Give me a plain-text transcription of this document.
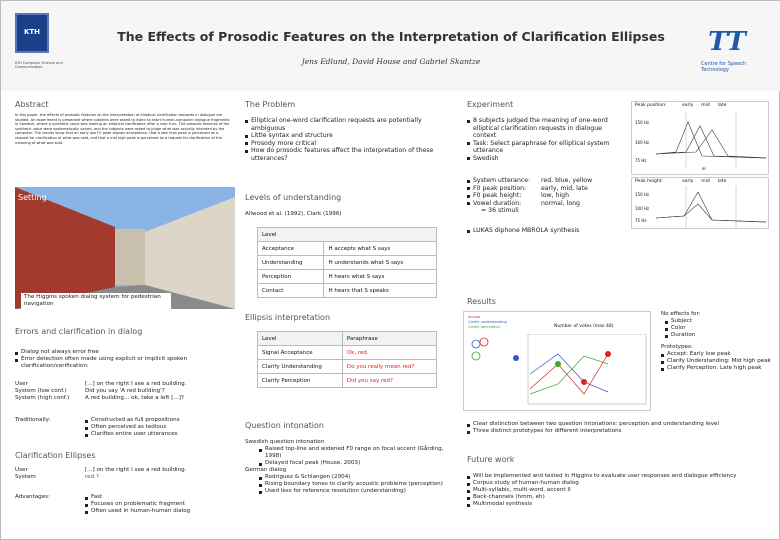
KTH
KTH Computer Science and Communication
The Effects of Prosodic Features on the Interpretation of Clarification Ellipses
Jens Edlund, David House and Gabriel Skantze
TT
Centre for Speech Technology
Abstract
In this paper, the effects of prosodic features on the interpretation of elliptical clarification requests in dialogue are studied. An experiment is presented where subjects were asked to listen to short human-computer dialogue fragments in Swedish, where a synthetic voice was making an elliptical clarification after a user turn. The prosodic features of the synthetic voice were systematically varied, and the subjects were asked to judge what was actually intended by the computer. The results show that an early low F0 peak signals acceptance, that a late high peak is perceived as a request for clarification of what was said, and that a mid high peak is perceived as a request for clarification of the meaning of what was said.
Setting
The Higgins spoken dialog system for pedestrian navigation
Errors and clarification in dialog
Dialog not always error free
Error detection often made using explicit or implicit spoken clarification/verification:
User	[...] on the right I see a red building.
System (low conf.)	Did you say 'A red building'?
System (high conf.)	A red building... ok, take a left [...]?
Traditionally:	Constructed as full propositions
Often perceived as tedious
Clarifies entire user utterances
Clarification Ellipses
User	[...] on the right I see a red building.
System	red ?
Advantages:	Fast
Focuses on problematic fragment
Often used in human-human dialog
The Problem
Elliptical one-word clarification requests are potentially ambiguous
Little syntax and structure
Prosody more critical
How do prosodic features affect the interpretation of these utterances?
Levels of understanding
Allwood et al. (1992), Clark (1996)
Level	
Acceptance	H accepts what S says
Understanding	H understands what S says
Perception	H hears what S says
Contact	H hears that S speaks
Ellipsis interpretation
Level	Paraphrase
Signal Acceptance	Ok, red.
Clarify Understanding	Do you really mean red?
Clarify Perception	Did you say red?
Question intonation
Swedish question intonation
Raised top-line and widened F0 range on focal accent (Gårding, 1998)
Delayed focal peak (House, 2003)
German dialog
Rodriguez & Schlangen (2004)
Rising boundary tones to clarify acoustic problems (perception)
Used less for reference resolution (understanding)
Experiment
8 subjects judged the meaning of one-word elliptical clarification requests in dialogue context
Task: Select paraphrase for elliptical system utterance
Swedish
System utterance:	red, blue, yellow
F0 peak position:	early, mid, late
F0 peak height:	low, high
Vowel duration:	normal, long
= 36 stimuli
LUKAS diphone MBROLA synthesis
Peak position:	early mid late
150 Hz
100 Hz
75 Hz
el
Peak height:	early mid late
150 Hz
100 Hz
75 Hz
Results
Accept
Clarify understanding
Clarify perception	Number of votes (max 48)
No effects for:
Subject
Color
Duration
Prototypes:
Accept: Early low peak
Clarify Understanding: Mid high peak
Clarify Perception: Late high peak
Clear distinction between two question intonations: perception and understanding level
Three distinct prototypes for different interpretations
Future work
Will be implemented and tested in Higgins to evaluate user responses and dialogue efficiency
Corpus study of human-human dialog
Multi-syllabic, multi-word, accent II
Back-channels (hmm, eh)
Multimodal synthesis
